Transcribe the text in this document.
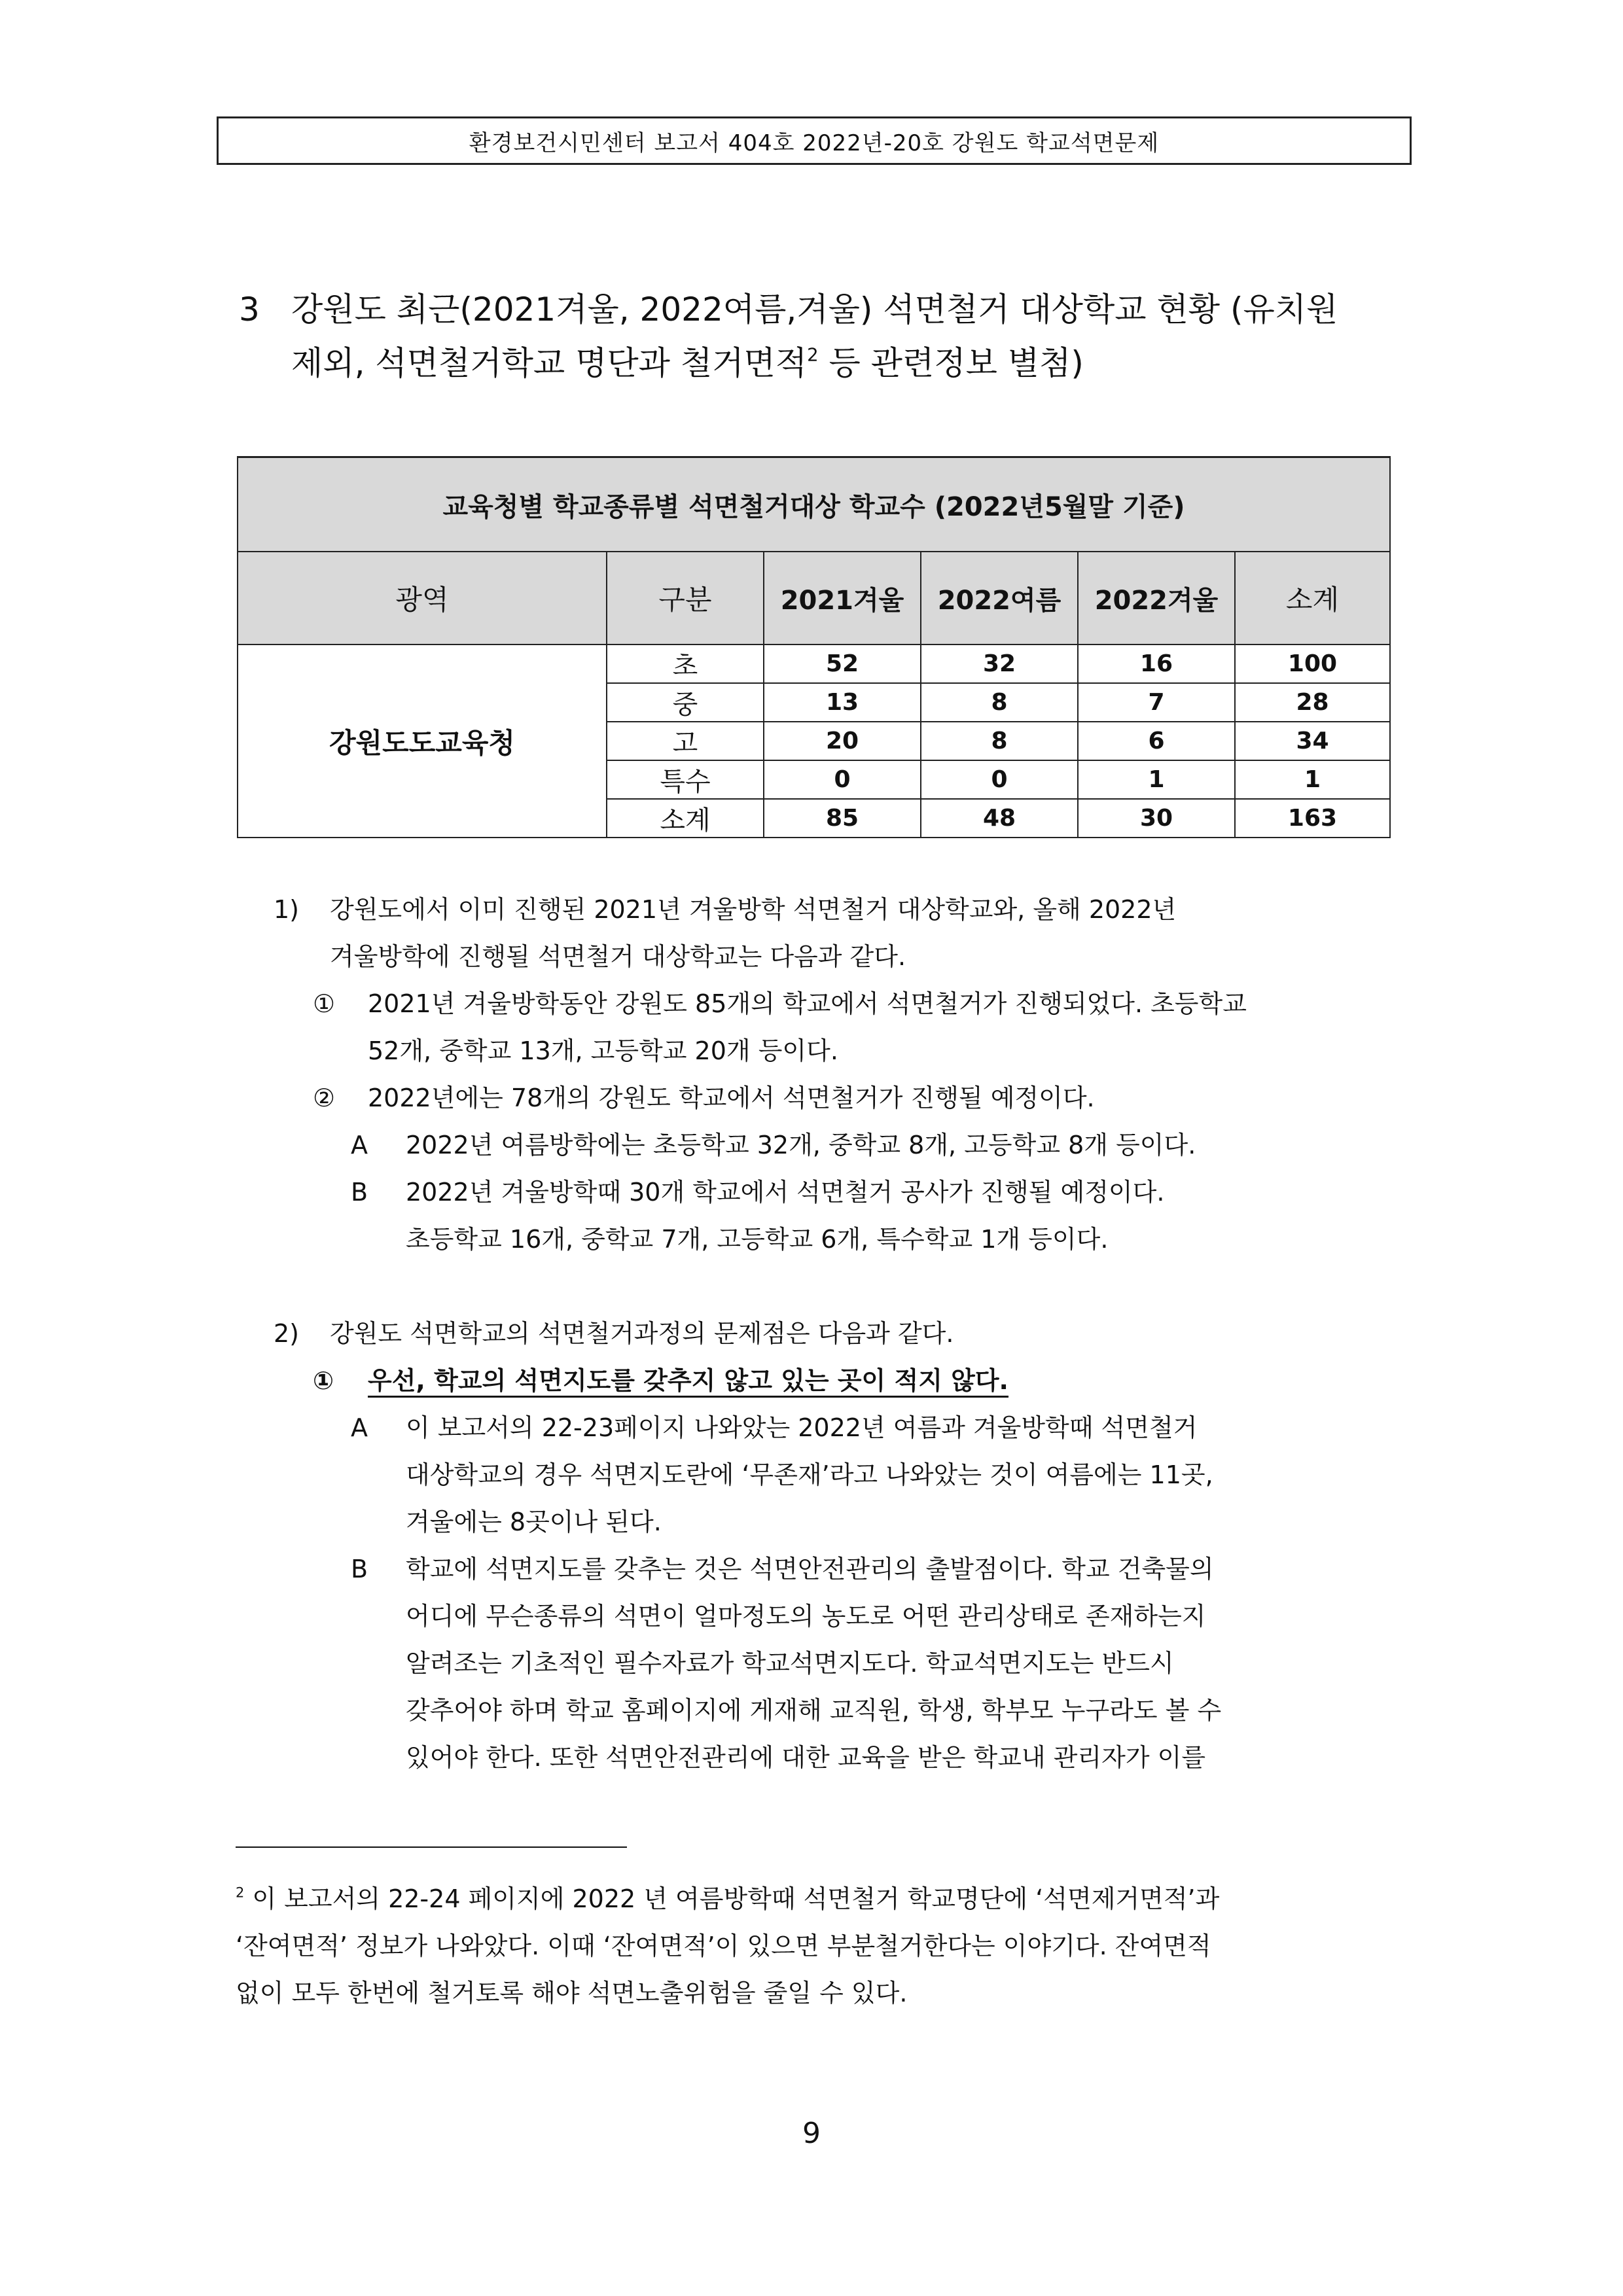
환경보건시민센터 보고서 404호 2022년-20호 강원도 학교석면문제
3 강원도 최근(2021겨울, 2022여름,겨울) 석면철거 대상학교 현황 (유치원
제외, 석면철거학교 명단과 철거면적$^2$ 등 관련정보 별첨)
교육청별 학교종류별 석면철거대상 학교수 (2022년5월말 기준)					
광역	구분	2021겨울	2022여름	2022겨울	소계
강원도도교육청	초	52	32	16	100
	중	13	8	7	28
	고	20	8	6	34
	특수	0	0	1	1
	소계	85	48	30	163
1) 강원도에서 이미 진행된 2021년 겨울방학 석면철거 대상학교와, 올해 2022년
겨울방학에 진행될 석면철거 대상학교는 다음과 같다.
① 2021년 겨울방학동안 강원도 85개의 학교에서 석면철거가 진행되었다. 초등학교
52개, 중학교 13개, 고등학교 20개 등이다.
② 2022년에는 78개의 강원도 학교에서 석면철거가 진행될 예정이다.
A 2022년 여름방학에는 초등학교 32개, 중학교 8개, 고등학교 8개 등이다.
B 2022년 겨울방학때 30개 학교에서 석면철거 공사가 진행될 예정이다.
초등학교 16개, 중학교 7개, 고등학교 6개, 특수학교 1개 등이다.
2) 강원도 석면학교의 석면철거과정의 문제점은 다음과 같다.
① 우선, 학교의 석면지도를 갖추지 않고 있는 곳이 적지 않다.
A 이 보고서의 22-23페이지 나와았는 2022년 여름과 겨울방학때 석면철거
대상학교의 경우 석면지도란에 ‘무존재’라고 나와았는 것이 여름에는 11곳,
겨울에는 8곳이나 된다.
B 학교에 석면지도를 갖추는 것은 석면안전관리의 출발점이다. 학교 건축물의
어디에 무슨종류의 석면이 얼마정도의 농도로 어떤 관리상태로 존재하는지
알려조는 기초적인 필수자료가 학교석면지도다. 학교석면지도는 반드시
갖추어야 하며 학교 홈페이지에 게재해 교직원, 학생, 학부모 누구라도 볼 수
있어야 한다. 또한 석면안전관리에 대한 교육을 받은 학교내 관리자가 이를
$^2$ 이 보고서의 22-24 페이지에 2022 년 여름방학때 석면철거 학교명단에 ‘석면제거면적’과
‘잔여면적’ 정보가 나와았다. 이때 ‘잔여면적’이 있으면 부분철거한다는 이야기다. 잔여면적
없이 모두 한번에 철거토록 해야 석면노출위험을 줄일 수 있다.
9
